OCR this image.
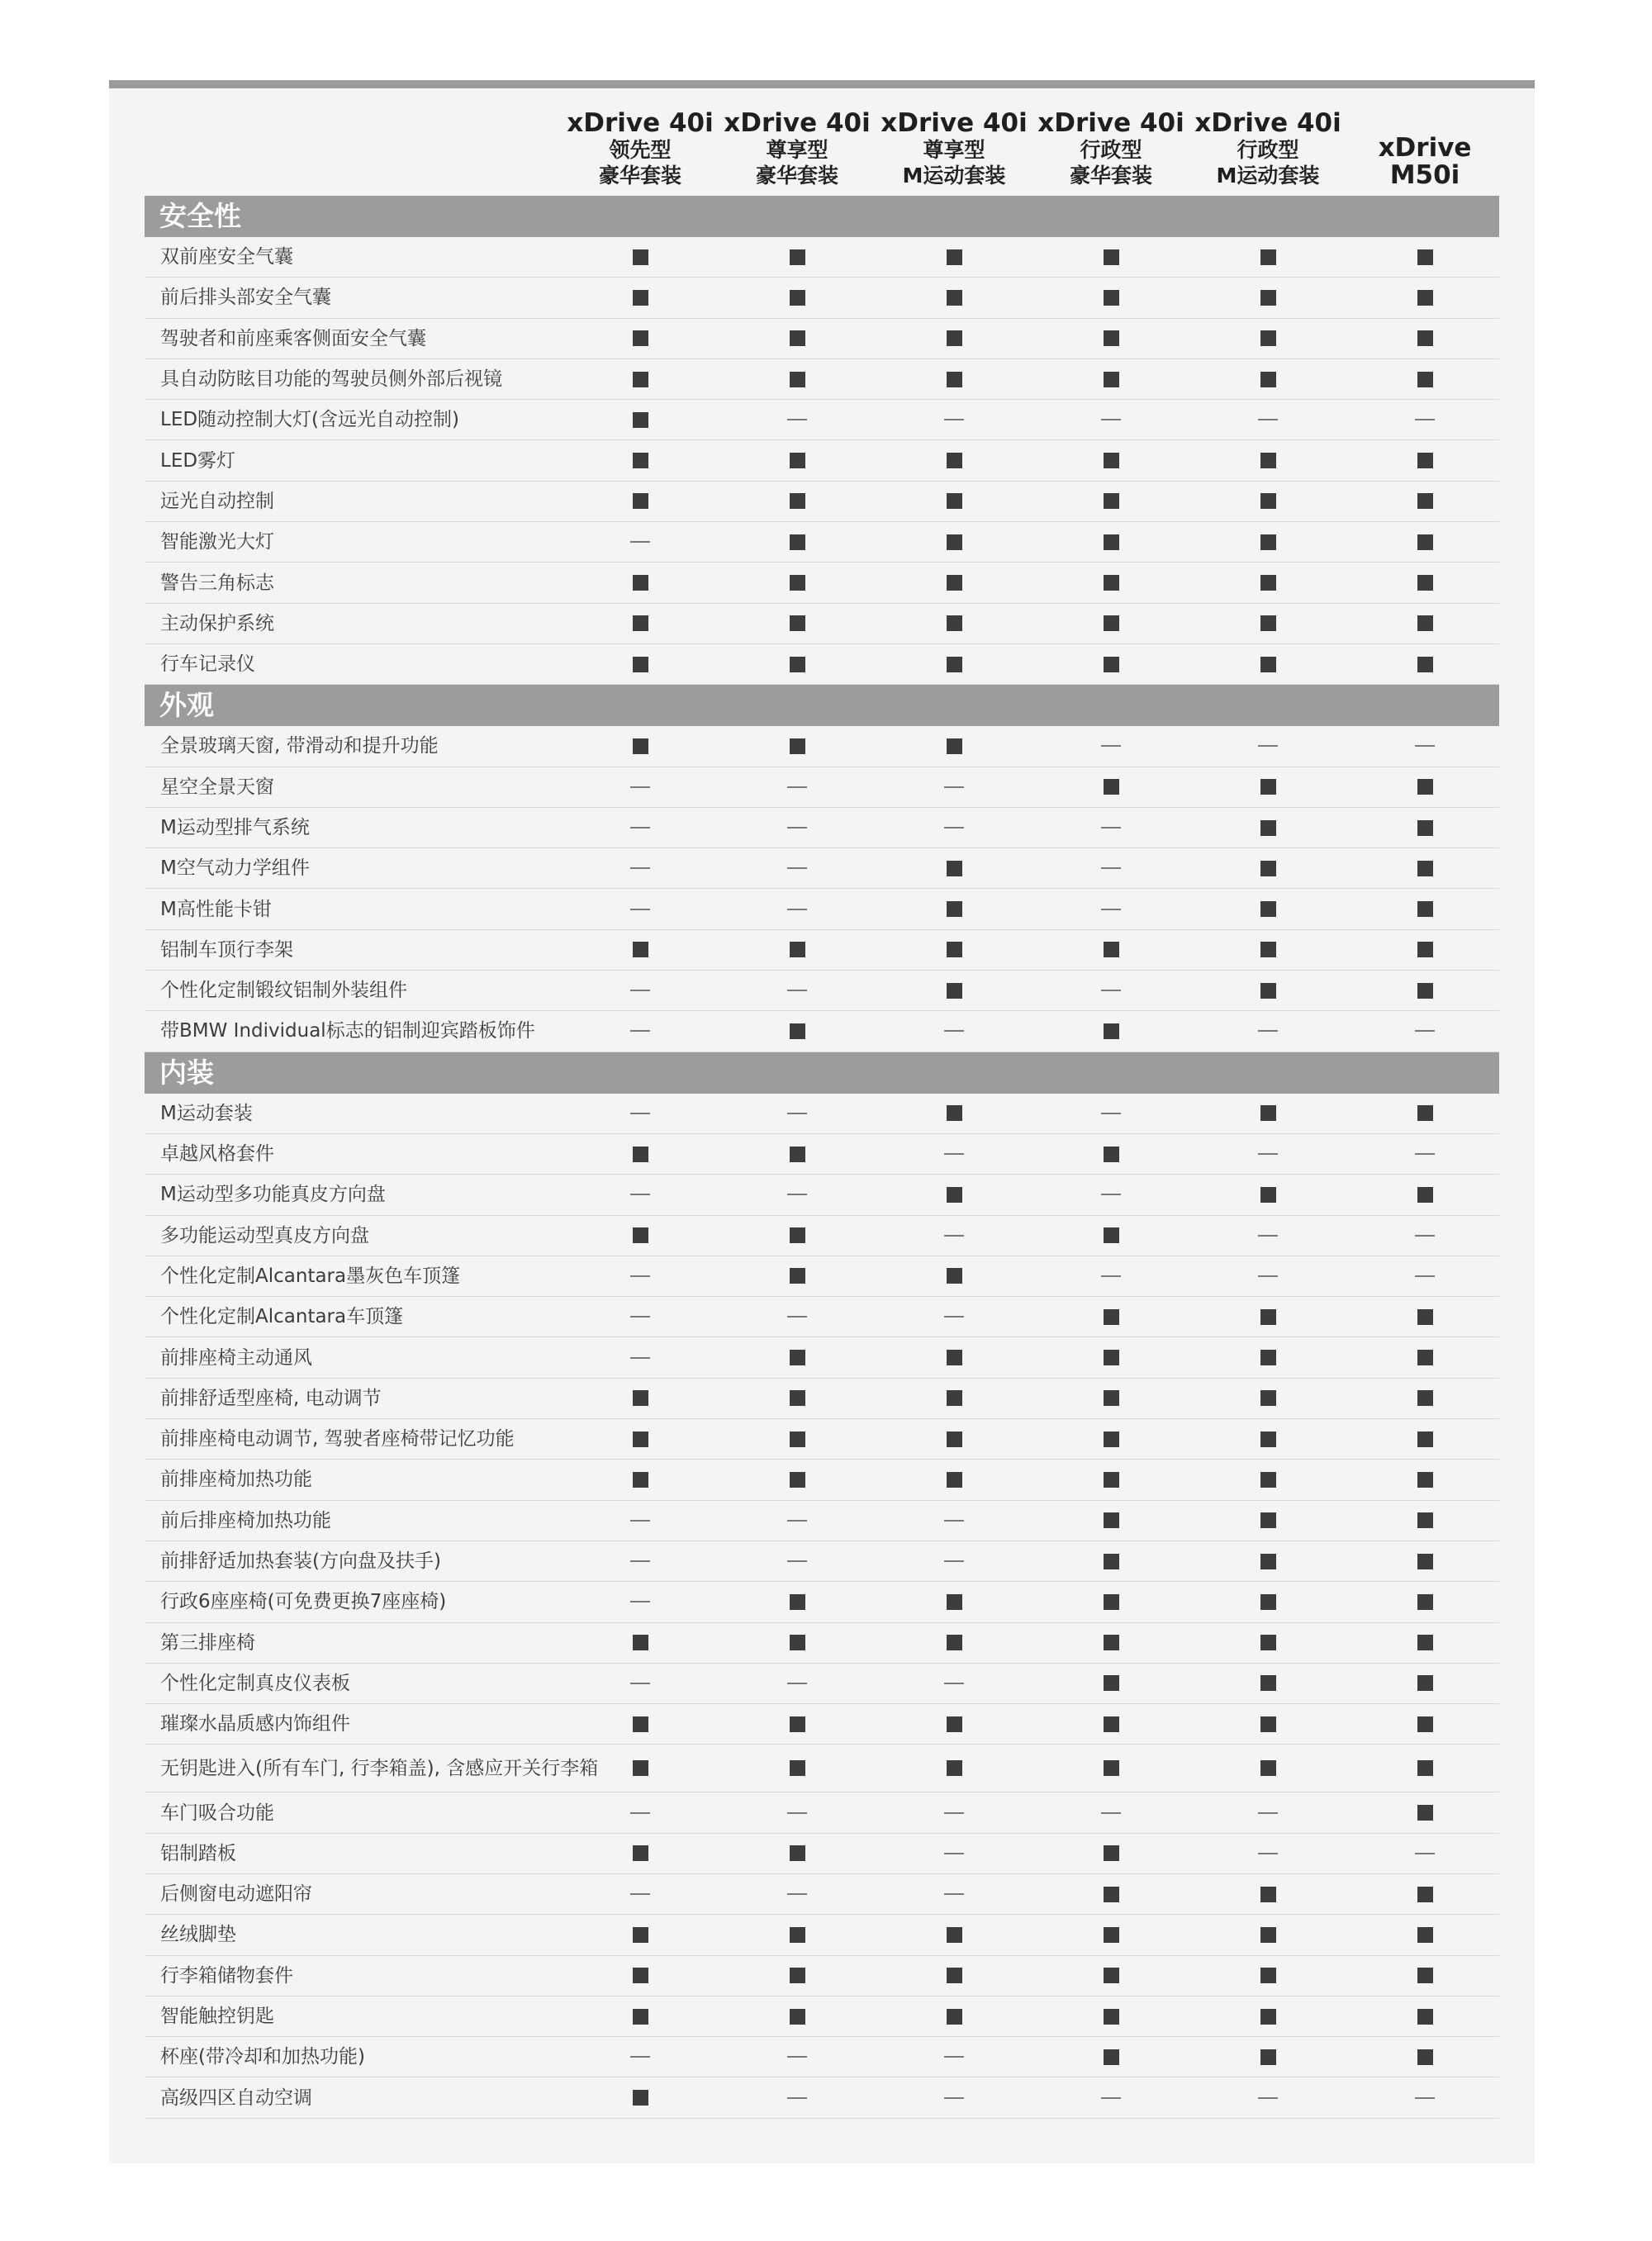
xDrive 40i
领先型
豪华套装
xDrive 40i
尊享型
豪华套装
xDrive 40i
尊享型
M运动套装
xDrive 40i
行政型
豪华套装
xDrive 40i
行政型
M运动套装
xDrive M50i
安全性
双前座安全气囊
前后排头部安全气囊
驾驶者和前座乘客侧面安全气囊
具自动防眩目功能的驾驶员侧外部后视镜
LED随动控制大灯(含远光自动控制)
LED雾灯
远光自动控制
智能激光大灯
警告三角标志
主动保护系统
行车记录仪
外观
全景玻璃天窗, 带滑动和提升功能
星空全景天窗
M运动型排气系统
M空气动力学组件
M高性能卡钳
铝制车顶行李架
个性化定制锻纹铝制外装组件
带BMW Individual标志的铝制迎宾踏板饰件
内装
M运动套装
卓越风格套件
M运动型多功能真皮方向盘
多功能运动型真皮方向盘
个性化定制Alcantara墨灰色车顶篷
个性化定制Alcantara车顶篷
前排座椅主动通风
前排舒适型座椅, 电动调节
前排座椅电动调节, 驾驶者座椅带记忆功能
前排座椅加热功能
前后排座椅加热功能
前排舒适加热套装(方向盘及扶手)
行政6座座椅(可免费更换7座座椅)
第三排座椅
个性化定制真皮仪表板
璀璨水晶质感内饰组件
无钥匙进入(所有车门, 行李箱盖), 含感应开关行李箱
车门吸合功能
铝制踏板
后侧窗电动遮阳帘
丝绒脚垫
行李箱储物套件
智能触控钥匙
杯座(带冷却和加热功能)
高级四区自动空调
